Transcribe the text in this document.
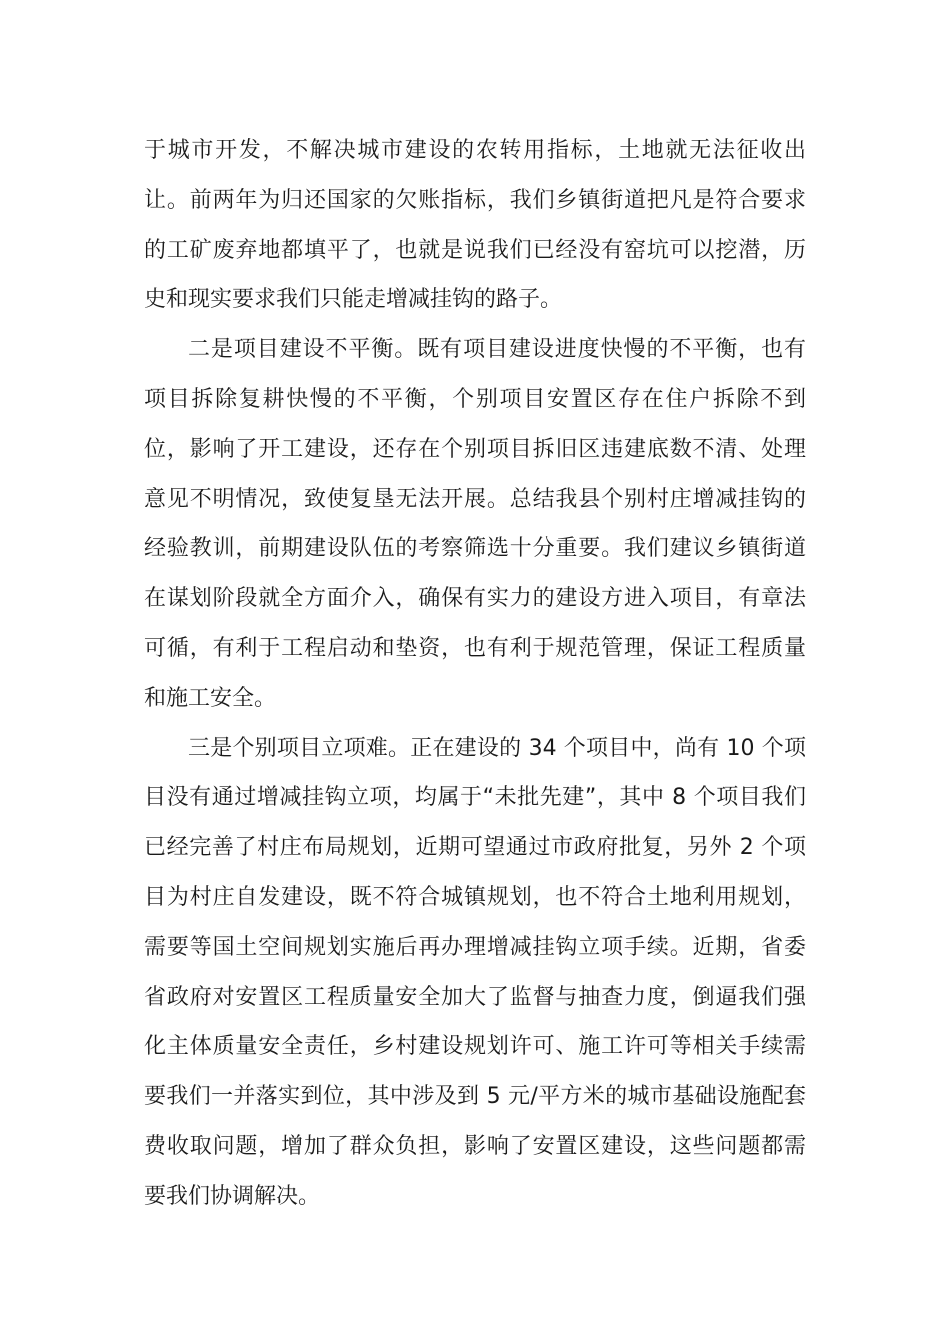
于城市开发，不解决城市建设的农转用指标，土地就无法征收出
让。前两年为归还国家的欠账指标，我们乡镇街道把凡是符合要求
的工矿废弃地都填平了，也就是说我们已经没有窑坑可以挖潜，历
史和现实要求我们只能走增减挂钩的路子。
二是项目建设不平衡。既有项目建设进度快慢的不平衡，也有
项目拆除复耕快慢的不平衡，个别项目安置区存在住户拆除不到
位，影响了开工建设，还存在个别项目拆旧区违建底数不清、处理
意见不明情况，致使复垦无法开展。总结我县个别村庄增减挂钩的
经验教训，前期建设队伍的考察筛选十分重要。我们建议乡镇街道
在谋划阶段就全方面介入，确保有实力的建设方进入项目，有章法
可循，有利于工程启动和垫资，也有利于规范管理，保证工程质量
和施工安全。
三是个别项目立项难。正在建设的 34 个项目中，尚有 10 个项
目没有通过增减挂钩立项，均属于“未批先建”，其中 8 个项目我们
已经完善了村庄布局规划，近期可望通过市政府批复，另外 2 个项
目为村庄自发建设，既不符合城镇规划，也不符合土地利用规划，
需要等国土空间规划实施后再办理增减挂钩立项手续。近期，省委
省政府对安置区工程质量安全加大了监督与抽查力度，倒逼我们强
化主体质量安全责任，乡村建设规划许可、施工许可等相关手续需
要我们一并落实到位，其中涉及到 5 元/平方米的城市基础设施配套
费收取问题，增加了群众负担，影响了安置区建设，这些问题都需
要我们协调解决。
